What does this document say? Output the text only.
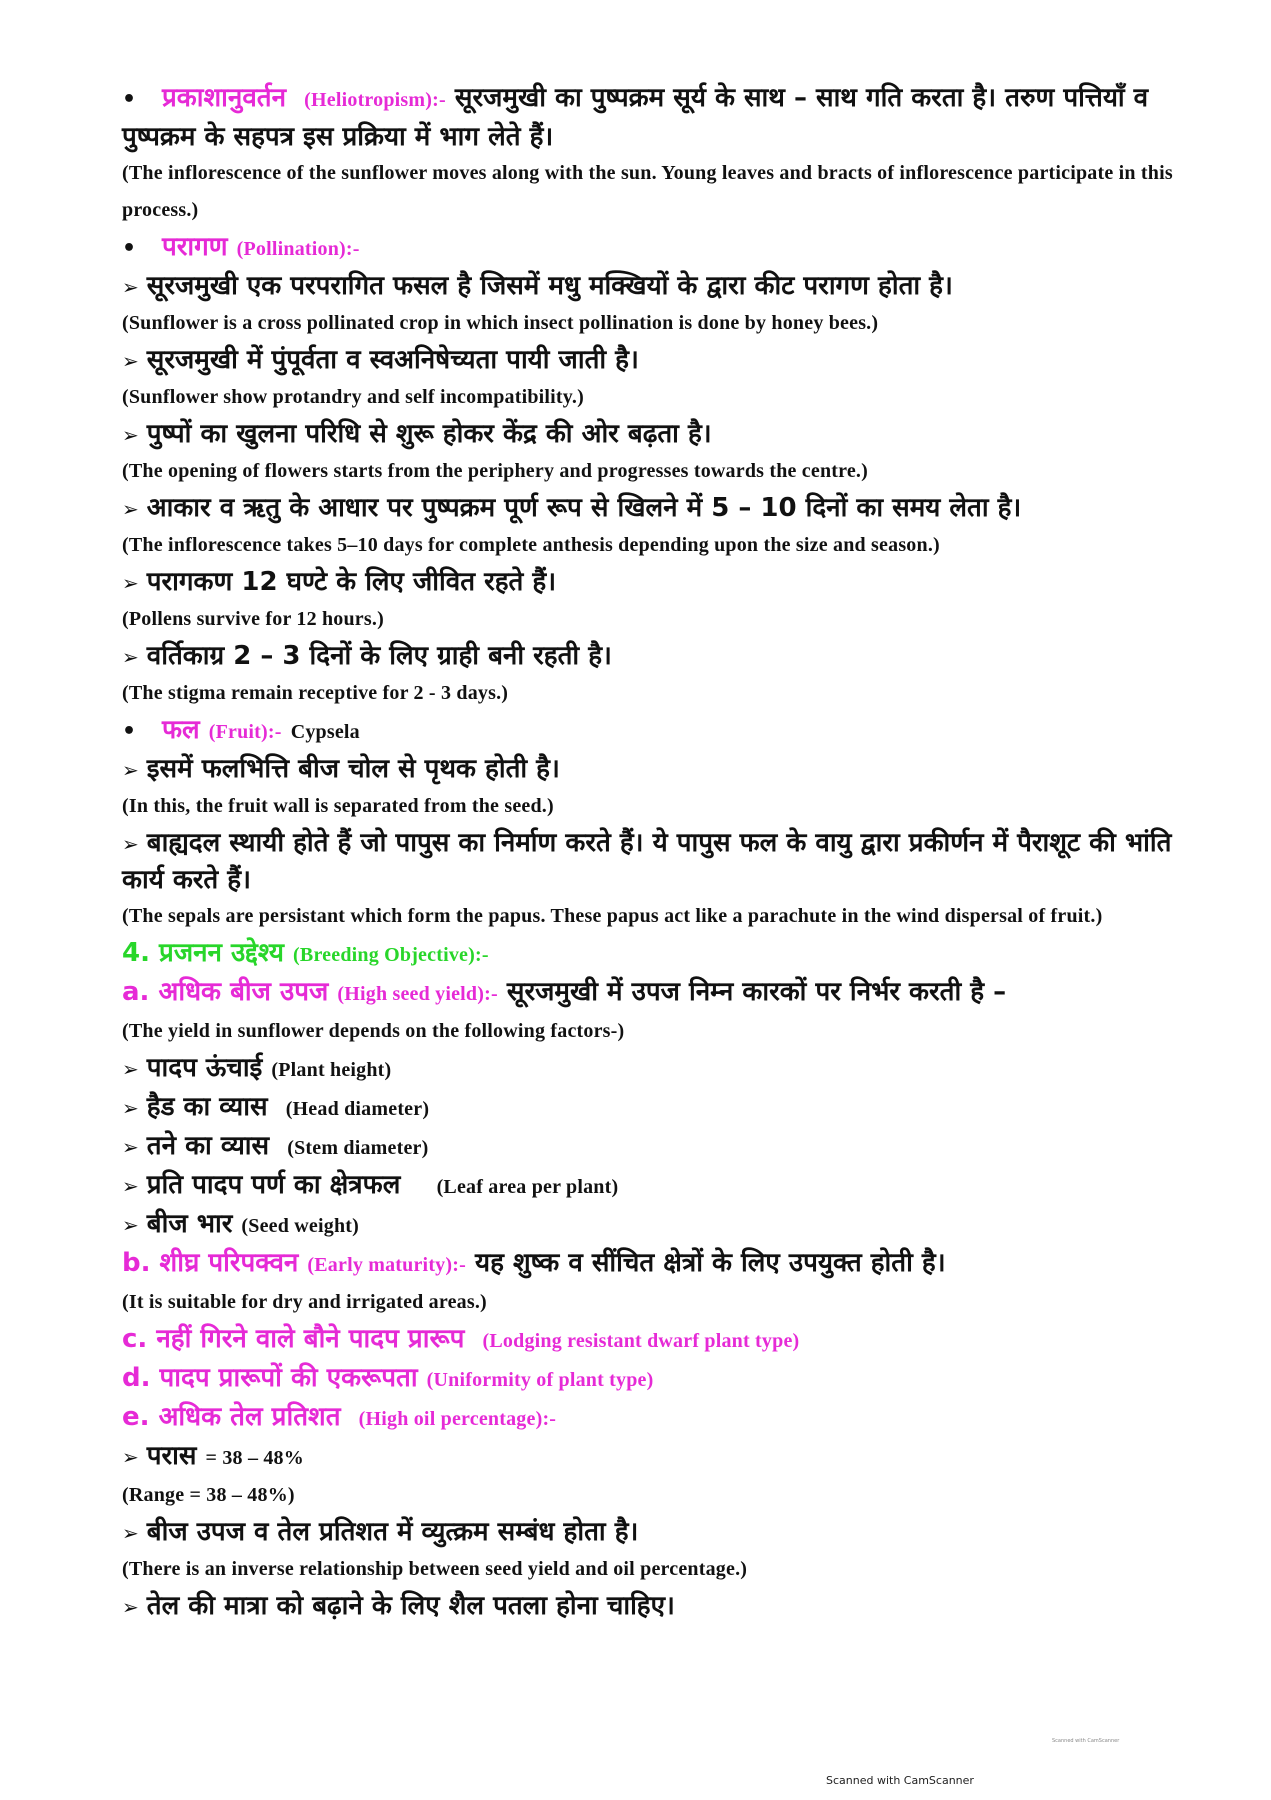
• प्रकाशानुवर्तन (Heliotropism):- सूरजमुखी का पुष्पक्रम सूर्य के साथ – साथ गति करता है। तरुण पत्तियाँ व पुष्पक्रम के सहपत्र इस प्रक्रिया में भाग लेते हैं।
(The inflorescence of the sunflower moves along with the sun. Young leaves and bracts of inflorescence participate in this process.)
• परागण (Pollination):-
➢ सूरजमुखी एक परपरागित फसल है जिसमें मधु मक्खियों के द्वारा कीट परागण होता है।
(Sunflower is a cross pollinated crop in which insect pollination is done by honey bees.)
➢ सूरजमुखी में पुंपूर्वता व स्वअनिषेच्यता पायी जाती है।
(Sunflower show protandry and self incompatibility.)
➢ पुष्पों का खुलना परिधि से शुरू होकर केंद्र की ओर बढ़ता है।
(The opening of flowers starts from the periphery and progresses towards the centre.)
➢ आकार व ऋतु के आधार पर पुष्पक्रम पूर्ण रूप से खिलने में 5 – 10 दिनों का समय लेता है।
(The inflorescence takes 5–10 days for complete anthesis depending upon the size and season.)
➢ परागकण 12 घण्टे के लिए जीवित रहते हैं।
(Pollens survive for 12 hours.)
➢ वर्तिकाग्र 2 – 3 दिनों के लिए ग्राही बनी रहती है।
(The stigma remain receptive for 2 - 3 days.)
• फल (Fruit):- Cypsela
➢ इसमें फलभित्ति बीज चोल से पृथक होती है।
(In this, the fruit wall is separated from the seed.)
➢ बाह्यदल स्थायी होते हैं जो पापुस का निर्माण करते हैं। ये पापुस फल के वायु द्वारा प्रकीर्णन में पैराशूट की भांति कार्य करते हैं।
(The sepals are persistant which form the papus. These papus act like a parachute in the wind dispersal of fruit.)
4. प्रजनन उद्देश्य (Breeding Objective):-
a. अधिक बीज उपज (High seed yield):- सूरजमुखी में उपज निम्न कारकों पर निर्भर करती है –
(The yield in sunflower depends on the following factors-)
➢ पादप ऊंचाई (Plant height)
➢ हैड का व्यास (Head diameter)
➢ तने का व्यास (Stem diameter)
➢ प्रति पादप पर्ण का क्षेत्रफल (Leaf area per plant)
➢ बीज भार (Seed weight)
b. शीघ्र परिपक्वन (Early maturity):- यह शुष्क व सींचित क्षेत्रों के लिए उपयुक्त होती है।
(It is suitable for dry and irrigated areas.)
c. नहीं गिरने वाले बौने पादप प्रारूप (Lodging resistant dwarf plant type)
d. पादप प्रारूपों की एकरूपता (Uniformity of plant type)
e. अधिक तेल प्रतिशत (High oil percentage):-
➢ परास = 38 – 48%
(Range = 38 – 48%)
➢ बीज उपज व तेल प्रतिशत में व्युत्क्रम सम्बंध होता है।
(There is an inverse relationship between seed yield and oil percentage.)
➢ तेल की मात्रा को बढ़ाने के लिए शैल पतला होना चाहिए।
Scanned with CamScanner
Scanned with CamScanner
